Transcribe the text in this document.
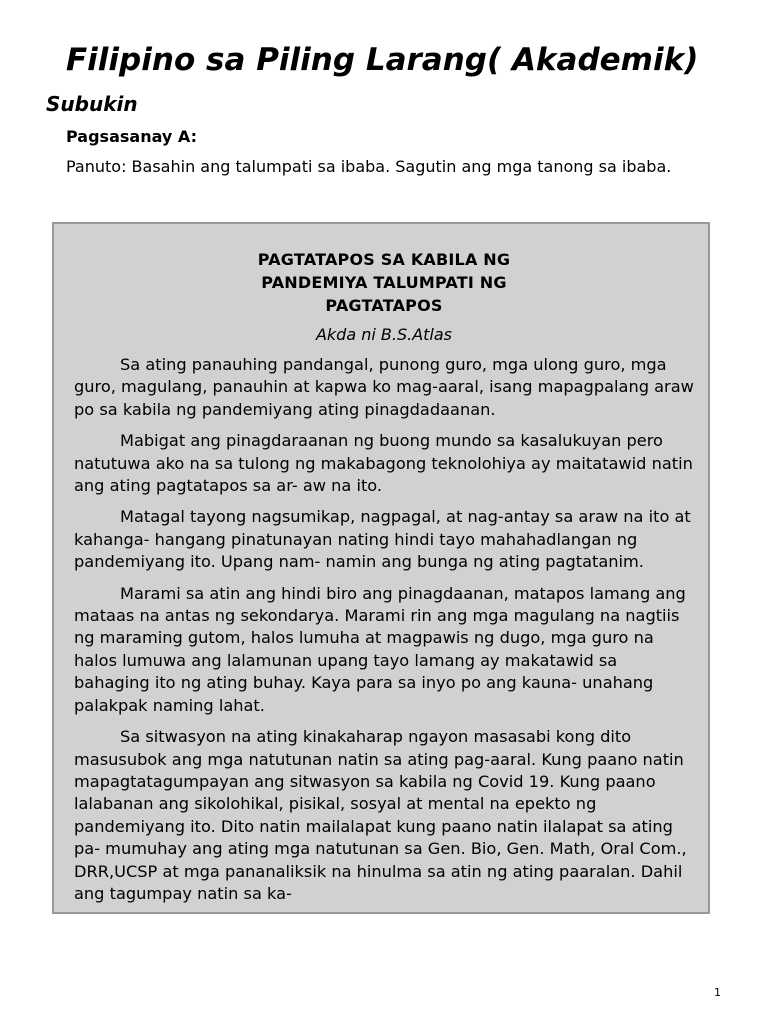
Filipino sa Piling Larang( Akademik)
Subukin

Pagsasanay A:

Panuto: Basahin ang talumpati sa ibaba. Sagutin ang mga tanong sa ibaba.

PAGTATAPOS SA KABILA NG PANDEMIYA TALUMPATI NG PAGTATAPOS

Akda ni B.S.Atlas

Sa ating panauhing pandangal, punong guro, mga ulong guro, mga guro, magulang, panauhin at kapwa ko mag-aaral, isang mapagpalang araw po sa kabila ng pandemiyang ating pinagdadaanan.

Mabigat ang pinagdaraanan ng buong mundo sa kasalukuyan pero natutuwa ako na sa tulong ng makabagong teknolohiya ay maitatawid natin ang ating pagtatapos sa ar- aw na ito.

Matagal tayong nagsumikap, nagpagal, at nag-antay sa araw na ito at kahanga- hangang pinatunayan nating hindi tayo mahahadlangan ng pandemiyang ito. Upang nam- namin ang bunga ng ating pagtatanim.

Marami sa atin ang hindi biro ang pinagdaanan, matapos lamang ang mataas na antas ng sekondarya. Marami rin ang mga magulang na nagtiis ng maraming gutom, halos lumuha at magpawis ng dugo, mga guro na halos lumuwa ang lalamunan upang tayo lamang ay makatawid sa bahaging ito ng ating buhay. Kaya para sa inyo po ang kauna- unahang palakpak naming lahat.

Sa sitwasyon na ating kinakaharap ngayon masasabi kong dito masusubok ang mga natutunan natin sa ating pag-aaral. Kung paano natin mapagtatagumpayan ang sitwasyon sa kabila ng Covid 19. Kung paano lalabanan ang sikolohikal, pisikal, sosyal at mental na epekto ng pandemiyang ito. Dito natin mailalapat kung paano natin ilalapat sa ating pa- mumuhay ang ating mga natutunan sa Gen. Bio, Gen. Math, Oral Com., DRR,UCSP at mga pananaliksik na hinulma sa atin ng ating paaralan. Dahil ang tagumpay natin sa ka-

1
